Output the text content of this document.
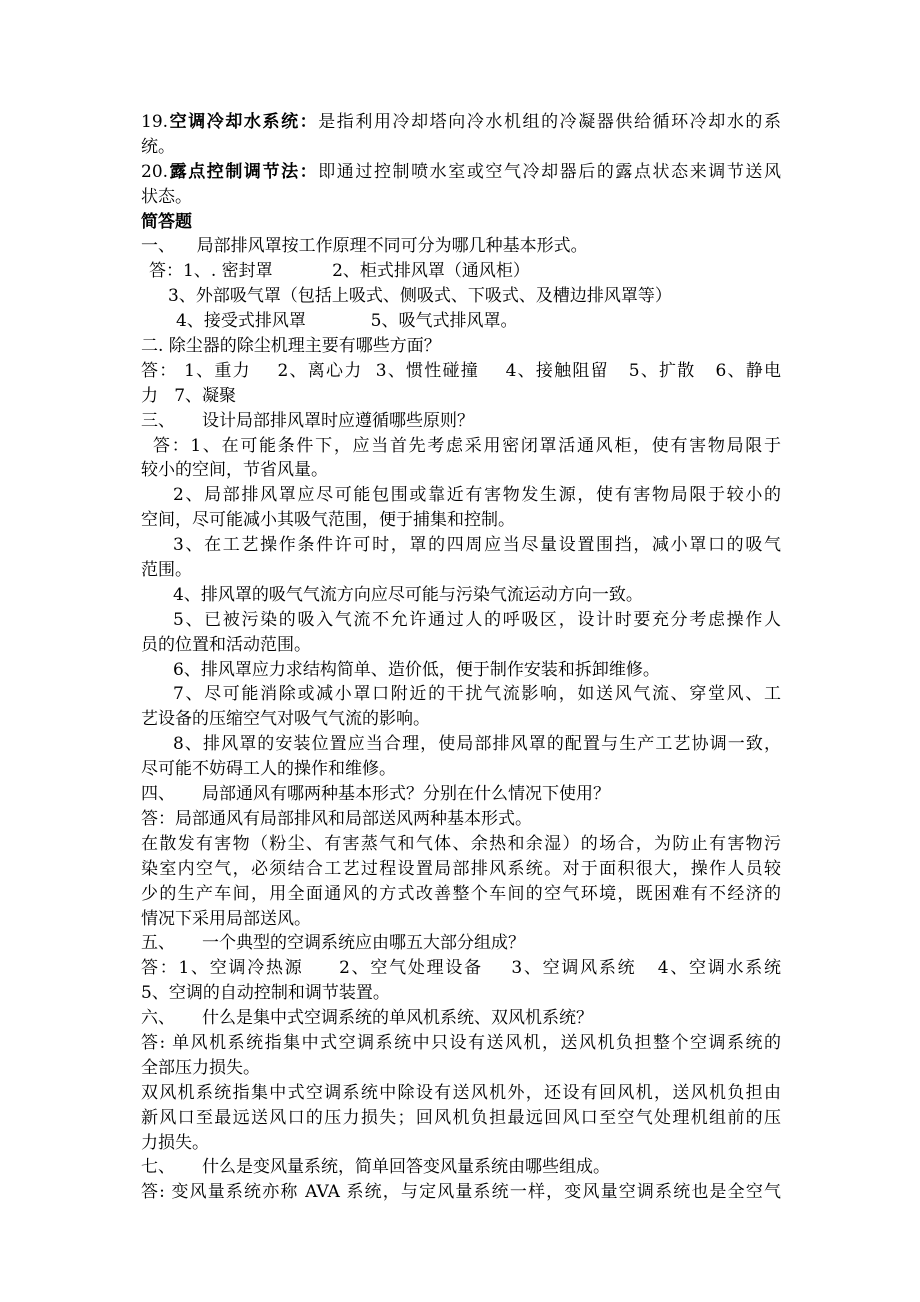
19.空调冷却水系统：是指利用冷却塔向冷水机组的冷凝器供给循环冷却水的系
统。
20.露点控制调节法：即通过控制喷水室或空气冷却器后的露点状态来调节送风
状态。
简答题
一、    局部排风罩按工作原理不同可分为哪几种基本形式。
答：1、. 密封罩           2、柜式排风罩（通风柜）
3、外部吸气罩（包括上吸式、侧吸式、下吸式、及槽边排风罩等）
4、接受式排风罩            5、吸气式排风罩。
二. 除尘器的除尘机理主要有哪些方面？
答： 1、重力    2、离心力  3、惯性碰撞    4、接触阻留   5、扩散   6、静电
力   7、凝聚
三、     设计局部排风罩时应遵循哪些原则？
答：1、在可能条件下，应当首先考虑采用密闭罩活通风柜，使有害物局限于
较小的空间，节省风量。
2、局部排风罩应尽可能包围或靠近有害物发生源，使有害物局限于较小的
空间，尽可能减小其吸气范围，便于捕集和控制。
3、在工艺操作条件许可时，罩的四周应当尽量设置围挡，减小罩口的吸气
范围。
4、排风罩的吸气气流方向应尽可能与污染气流运动方向一致。
5、已被污染的吸入气流不允许通过人的呼吸区，设计时要充分考虑操作人
员的位置和活动范围。
6、排风罩应力求结构简单、造价低，便于制作安装和拆卸维修。
7、尽可能消除或减小罩口附近的干扰气流影响，如送风气流、穿堂风、工
艺设备的压缩空气对吸气气流的影响。
8、排风罩的安装位置应当合理，使局部排风罩的配置与生产工艺协调一致，
尽可能不妨碍工人的操作和维修。
四、     局部通风有哪两种基本形式？分别在什么情况下使用？
答：局部通风有局部排风和局部送风两种基本形式。
在散发有害物（粉尘、有害蒸气和气体、余热和余湿）的场合，为防止有害物污
染室内空气，必须结合工艺过程设置局部排风系统。对于面积很大，操作人员较
少的生产车间，用全面通风的方式改善整个车间的空气环境，既困难有不经济的
情况下采用局部送风。
五、     一个典型的空调系统应由哪五大部分组成？
答：1、空调冷热源     2、空气处理设备    3、空调风系统   4、空调水系统
5、空调的自动控制和调节装置。
六、     什么是集中式空调系统的单风机系统、双风机系统？
答: 单风机系统指集中式空调系统中只设有送风机，送风机负担整个空调系统的
全部压力损失。
双风机系统指集中式空调系统中除设有送风机外，还设有回风机，送风机负担由
新风口至最远送风口的压力损失；回风机负担最远回风口至空气处理机组前的压
力损失。
七、     什么是变风量系统，简单回答变风量系统由哪些组成。
答: 变风量系统亦称 AVA 系统，与定风量系统一样，变风量空调系统也是全空气
